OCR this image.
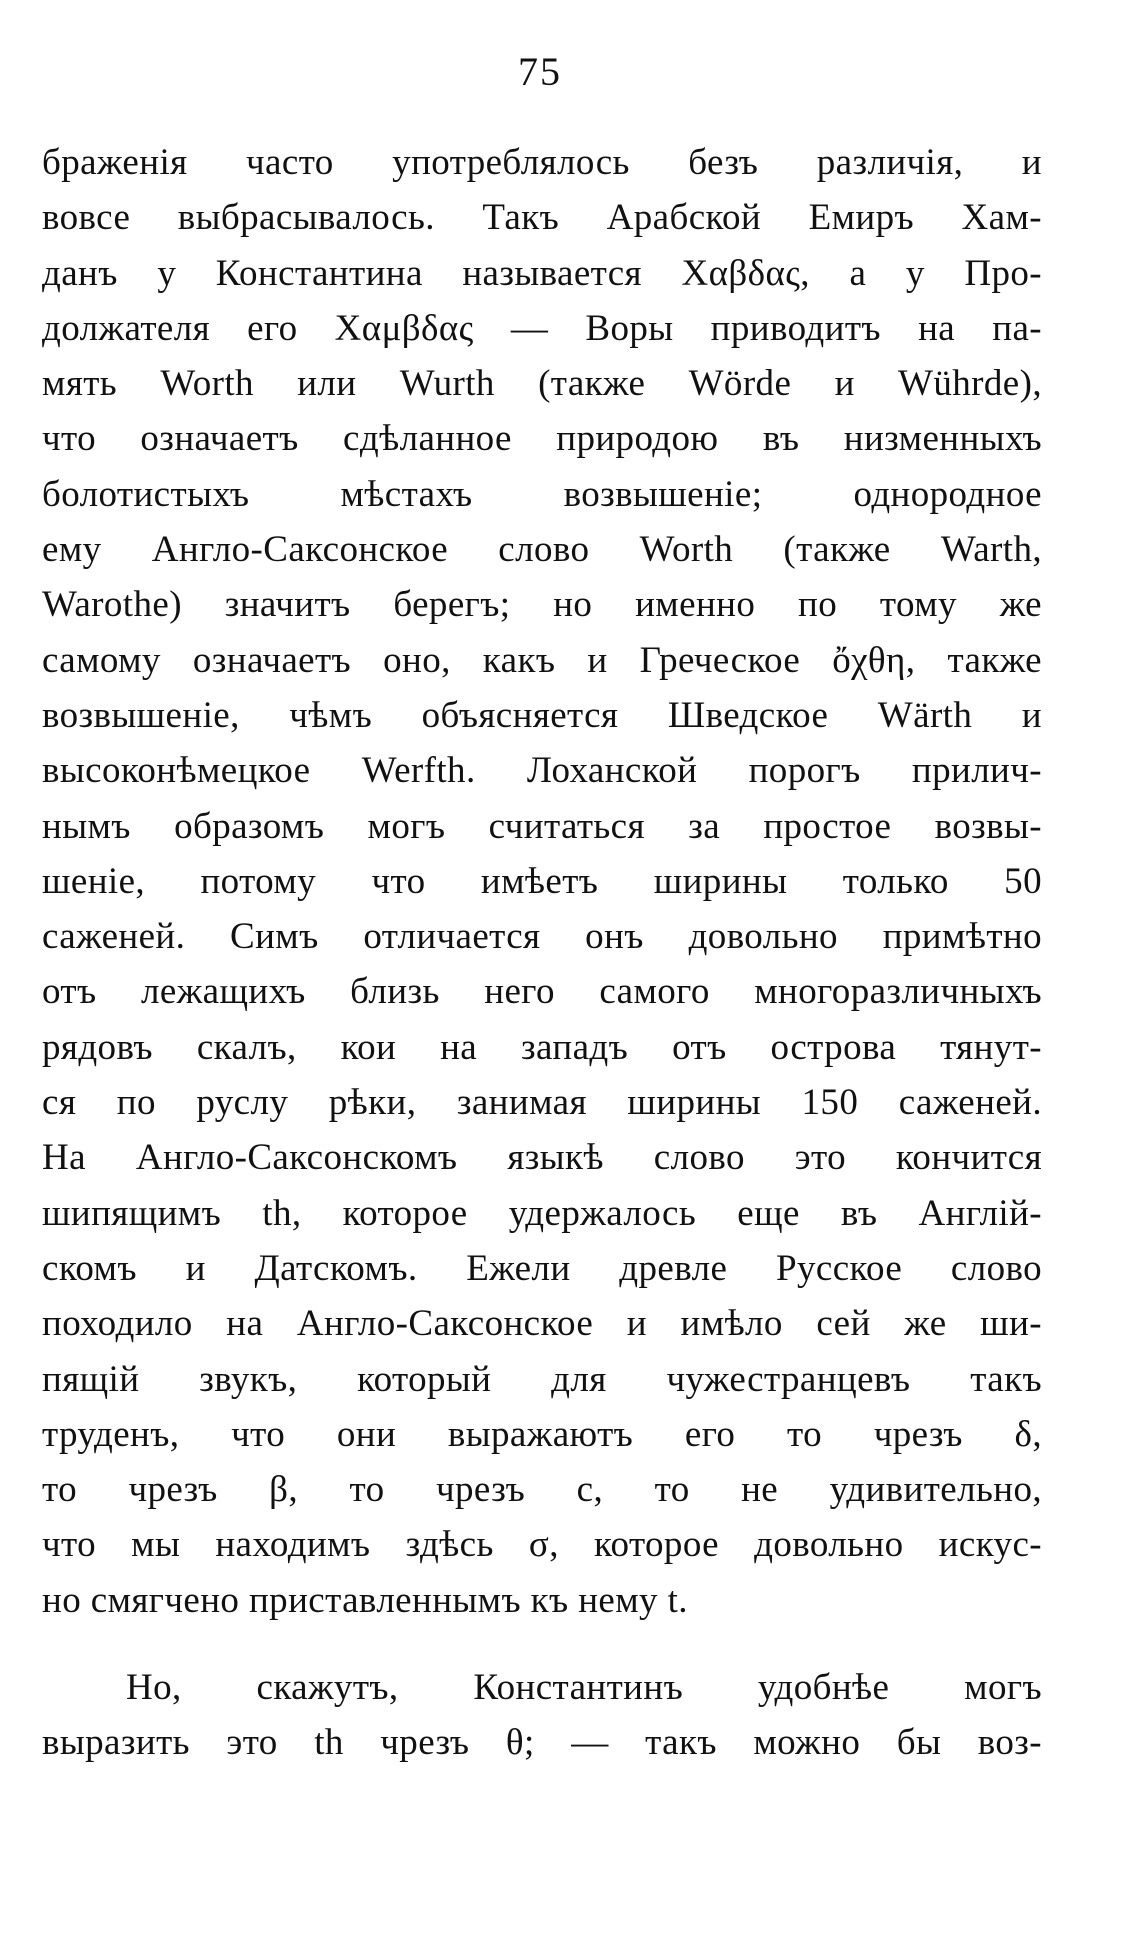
75
браженія часто употреблялось безъ различія, и
вовсе выбрасывалось. Такъ Арабской Емиръ Хам-
данъ у Константина называется Χαβδας, а у Про-
должателя его Χαμβδας — Воры приводитъ на па-
мять Worth или Wurth (также Wörde и Wührde),
что означаетъ сдѣланное природою въ низменныхъ
болотистыхъ мѣстахъ возвышеніе; однородное
ему Англо-Саксонское слово Worth (также Warth,
Warothe) значитъ берегъ; но именно по тому же
самому означаетъ оно, какъ и Греческое ὄχθη, также
возвышеніе, чѣмъ объясняется Шведское Wärth и
высоконѣмецкое Werfth. Лоханской порогъ прилич-
нымъ образомъ могъ считаться за простое возвы-
шеніе, потому что имѣетъ ширины только 50
саженей. Симъ отличается онъ довольно примѣтно
отъ лежащихъ близь него самого многоразличныхъ
рядовъ скалъ, кои на западъ отъ острова тянут-
ся по руслу рѣки, занимая ширины 150 саженей.
На Англо-Саксонскомъ языкѣ слово это кончится
шипящимъ th, которое удержалось еще въ Англій-
скомъ и Датскомъ. Ежели древле Русское слово
походило на Англо-Саксонское и имѣло сей же ши-
пящій звукъ, который для чужестранцевъ такъ
труденъ, что они выражаютъ его то чрезъ δ,
то чрезъ β, то чрезъ c, то не удивительно,
что мы находимъ здѣсь σ, которое довольно искус-
но смягчено приставленнымъ къ нему t.
Но, скажутъ, Константинъ удобнѣе могъ
выразить это th чрезъ θ; — такъ можно бы воз-
